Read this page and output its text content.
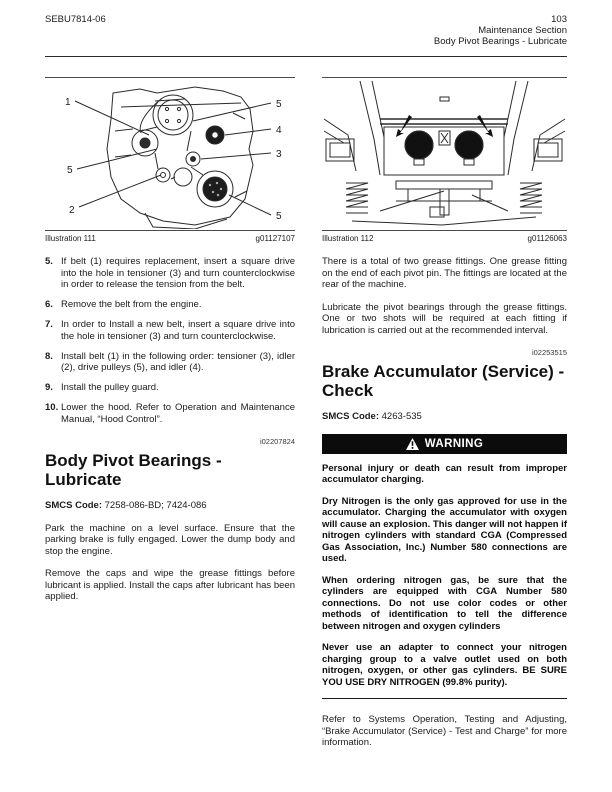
SEBU7814-06	103
Maintenance Section
Body Pivot Bearings - Lubricate
1	5
4
3
5
2
5
Illustration 111	g01127107
5. If belt (1) requires replacement, insert a square drive into the hole in tensioner (3) and turn counterclockwise in order to release the tension from the belt.
6. Remove the belt from the engine.
7. In order to Install a new belt, insert a square drive into the hole in tensioner (3) and turn counterclockwise.
8. Install belt (1) in the following order: tensioner (3), idler (2), drive pulleys (5), and idler (4).
9. Install the pulley guard.
10. Lower the hood. Refer to Operation and Maintenance Manual, “Hood Control”.
i02207824
Body Pivot Bearings - Lubricate

SMCS Code: 7258-086-BD; 7424-086

Park the machine on a level surface. Ensure that the parking brake is fully engaged. Lower the dump body and stop the engine.

Remove the caps and wipe the grease fittings before lubricant is applied. Install the caps after lubricant has been applied.

Illustration 112	g01126063

There is a total of two grease fittings. One grease fitting on the end of each pivot pin. The fittings are located at the rear of the machine.

Lubricate the pivot bearings through the grease fittings. One or two shots will be required at each fitting if lubrication is carried out at the recommended interval.

i02253515
Brake Accumulator (Service) - Check

SMCS Code: 4263-535

WARNING

Personal injury or death can result from improper accumulator charging.

Dry Nitrogen is the only gas approved for use in the accumulator. Charging the accumulator with oxygen will cause an explosion. This danger will not happen if nitrogen cylinders with standard CGA (Compressed Gas Association, Inc.) Number 580 connections are used.

When ordering nitrogen gas, be sure that the cylinders are equipped with CGA Number 580 connections. Do not use color codes or other methods of identification to tell the difference between nitrogen and oxygen cylinders

Never use an adapter to connect your nitrogen charging group to a valve outlet used on both nitrogen, oxygen, or other gas cylinders. BE SURE YOU USE DRY NITROGEN (99.8% purity).

Refer to Systems Operation, Testing and Adjusting, “Brake Accumulator (Service) - Test and Charge” for more information.
